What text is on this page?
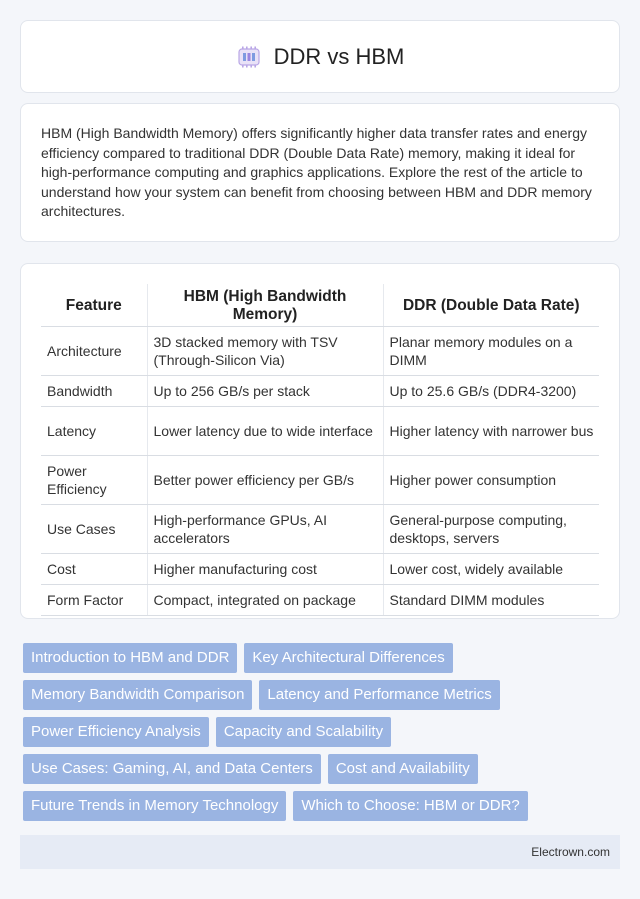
DDR vs HBM

HBM (High Bandwidth Memory) offers significantly higher data transfer rates and energy efficiency compared to traditional DDR (Double Data Rate) memory, making it ideal for high-performance computing and graphics applications. Explore the rest of the article to understand how your system can benefit from choosing between HBM and DDR memory architectures.

Feature	HBM (High Bandwidth Memory)	DDR (Double Data Rate)
Architecture	3D stacked memory with TSV (Through-Silicon Via)	Planar memory modules on a DIMM
Bandwidth	Up to 256 GB/s per stack	Up to 25.6 GB/s (DDR4-3200)
Latency	Lower latency due to wide interface	Higher latency with narrower bus
Power Efficiency	Better power efficiency per GB/s	Higher power consumption
Use Cases	High-performance GPUs, AI accelerators	General-purpose computing, desktops, servers
Cost	Higher manufacturing cost	Lower cost, widely available
Form Factor	Compact, integrated on package	Standard DIMM modules
Introduction to HBM and DDR	Key Architectural Differences
Memory Bandwidth Comparison	Latency and Performance Metrics
Power Efficiency Analysis	Capacity and Scalability
Use Cases: Gaming, AI, and Data Centers	Cost and Availability
Future Trends in Memory Technology	Which to Choose: HBM or DDR?
Electrown.com
